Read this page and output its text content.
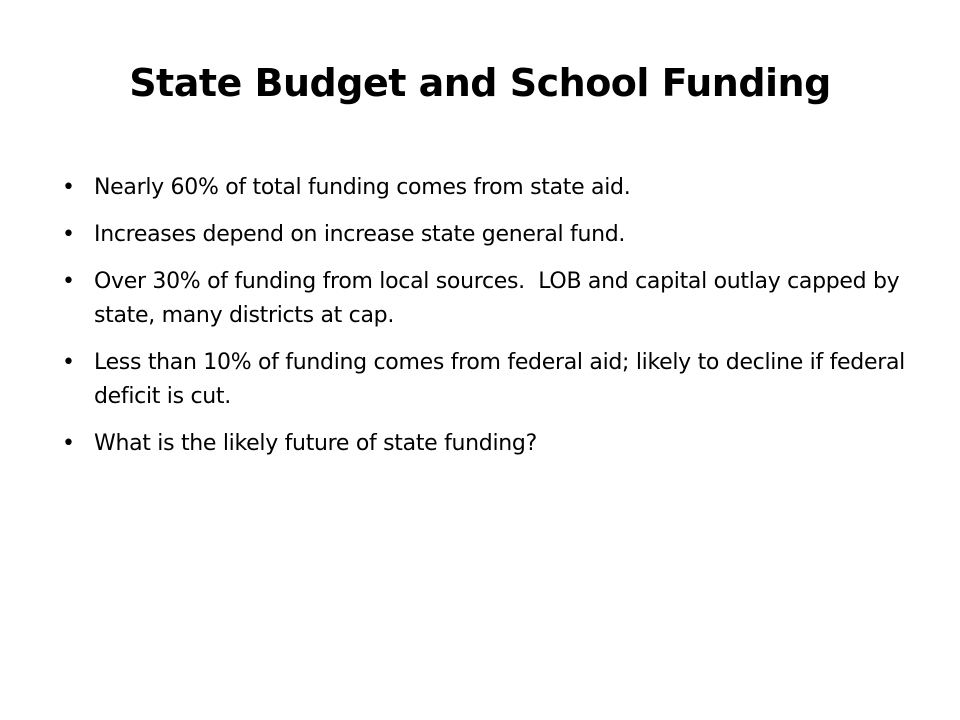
State Budget and School Funding
• Nearly 60% of total funding comes from state aid.
• Increases depend on increase state general fund.
• Over 30% of funding from local sources.  LOB and capital outlay capped by state, many districts at cap.
• Less than 10% of funding comes from federal aid; likely to decline if federal deficit is cut.
• What is the likely future of state funding?
